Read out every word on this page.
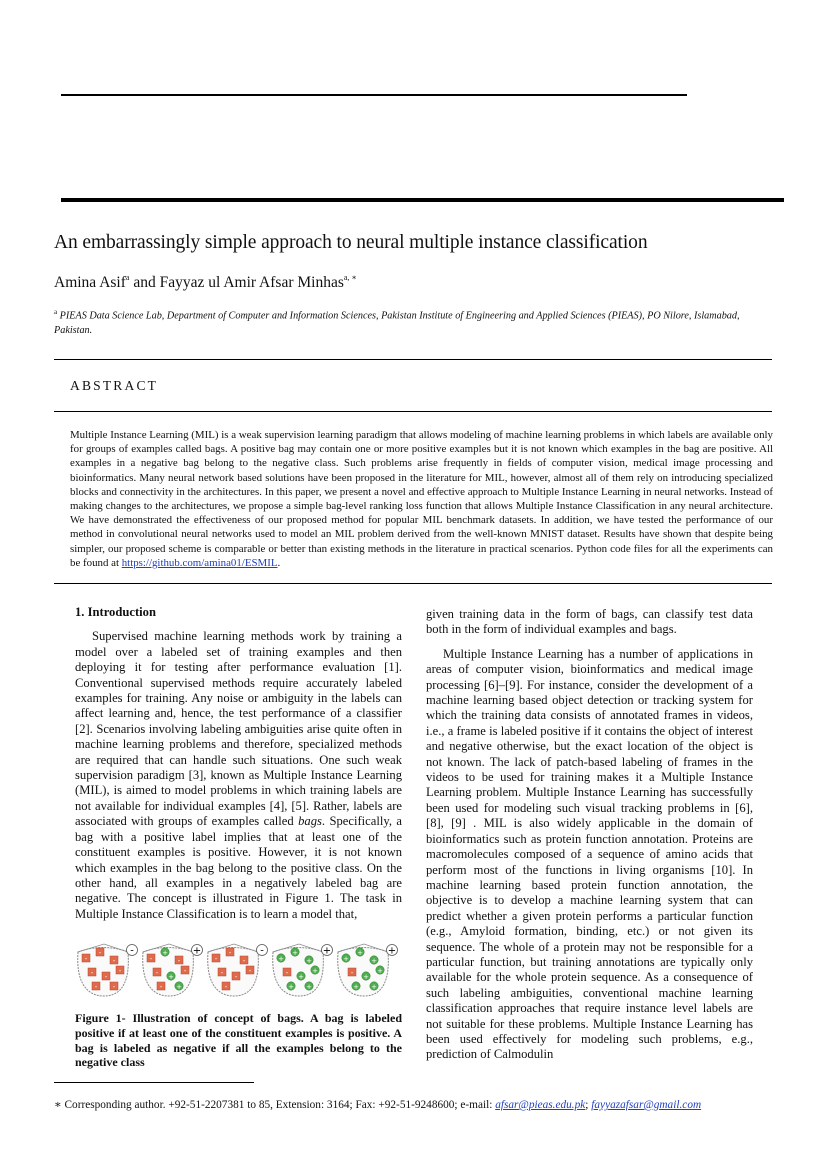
An embarrassingly simple approach to neural multiple instance classification
Amina Asif$^a$ and Fayyaz ul Amir Afsar Minhas$^{a, ∗}$
$^a$ PIEAS Data Science Lab, Department of Computer and Information Sciences, Pakistan Institute of Engineering and Applied Sciences (PIEAS), PO Nilore, Islamabad, Pakistan.
ABSTRACT
Multiple Instance Learning (MIL) is a weak supervision learning paradigm that allows modeling of machine learning problems in which labels are available only for groups of examples called bags. A positive bag may contain one or more positive examples but it is not known which examples in the bag are positive. All examples in a negative bag belong to the negative class. Such problems arise frequently in fields of computer vision, medical image processing and bioinformatics. Many neural network based solutions have been proposed in the literature for MIL, however, almost all of them rely on introducing specialized blocks and connectivity in the architectures. In this paper, we present a novel and effective approach to Multiple Instance Learning in neural networks. Instead of making changes to the architectures, we propose a simple bag-level ranking loss function that allows Multiple Instance Classification in any neural architecture. We have demonstrated the effectiveness of our proposed method for popular MIL benchmark datasets. In addition, we have tested the performance of our method in convolutional neural networks used to model an MIL problem derived from the well-known MNIST dataset. Results have shown that despite being simpler, our proposed scheme is comparable or better than existing methods in the literature in practical scenarios. Python code files for all the experiments can be found at https://github.com/amina01/ESMIL.

1. Introduction

Supervised machine learning methods work by training a model over a labeled set of training examples and then deploying it for testing after performance evaluation [1]. Conventional supervised methods require accurately labeled examples for training. Any noise or ambiguity in the labels can affect learning and, hence, the test performance of a classifier [2]. Scenarios involving labeling ambiguities arise quite often in machine learning problems and therefore, specialized methods are required that can handle such situations. One such weak supervision paradigm [3], known as Multiple Instance Learning (MIL), is aimed to model problems in which training labels are not available for individual examples [4], [5]. Rather, labels are associated with groups of examples called bags. Specifically, a bag with a positive label implies that at least one of the constituent examples is positive. However, it is not known which examples in the bag belong to the positive class. On the other hand, all examples in a negatively labeled bag are negative. The concept is illustrated in Figure 1. The task in Multiple Instance Classification is to learn a model that,

-
-
-
-
- -
-
- -
+
-
+
-
- +
-
- +
-
-
-
-
- -
-
-
+
+
+
+
- +
+
+ +
+
+
+
+
- +
+
+ +
Figure 1- Illustration of concept of bags. A bag is labeled positive if at least one of the constituent examples is positive. A bag is labeled as negative if all the examples belong to the negative class

given training data in the form of bags, can classify test data both in the form of individual examples and bags.

Multiple Instance Learning has a number of applications in areas of computer vision, bioinformatics and medical image processing [6]–[9]. For instance, consider the development of a machine learning based object detection or tracking system for which the training data consists of annotated frames in videos, i.e., a frame is labeled positive if it contains the object of interest and negative otherwise, but the exact location of the object is not known. The lack of patch-based labeling of frames in the videos to be used for training makes it a Multiple Instance Learning problem. Multiple Instance Learning has successfully been used for modeling such visual tracking problems in [6], [8], [9] . MIL is also widely applicable in the domain of bioinformatics such as protein function annotation. Proteins are macromolecules composed of a sequence of amino acids that perform most of the functions in living organisms [10]. In machine learning based protein function annotation, the objective is to develop a machine learning system that can predict whether a given protein performs a particular function (e.g., Amyloid formation, binding, etc.) or not given its sequence. The whole of a protein may not be responsible for a particular function, but training annotations are typically only available for the whole protein sequence. As a consequence of such labeling ambiguities, conventional machine learning classification approaches that require instance level labels are not suitable for these problems. Multiple Instance Learning has been used effectively for modeling such problems, e.g., prediction of Calmodulin

∗ Corresponding author. +92-51-2207381 to 85, Extension: 3164; Fax: +92-51-9248600; e-mail: afsar@pieas.edu.pk; fayyazafsar@gmail.com
